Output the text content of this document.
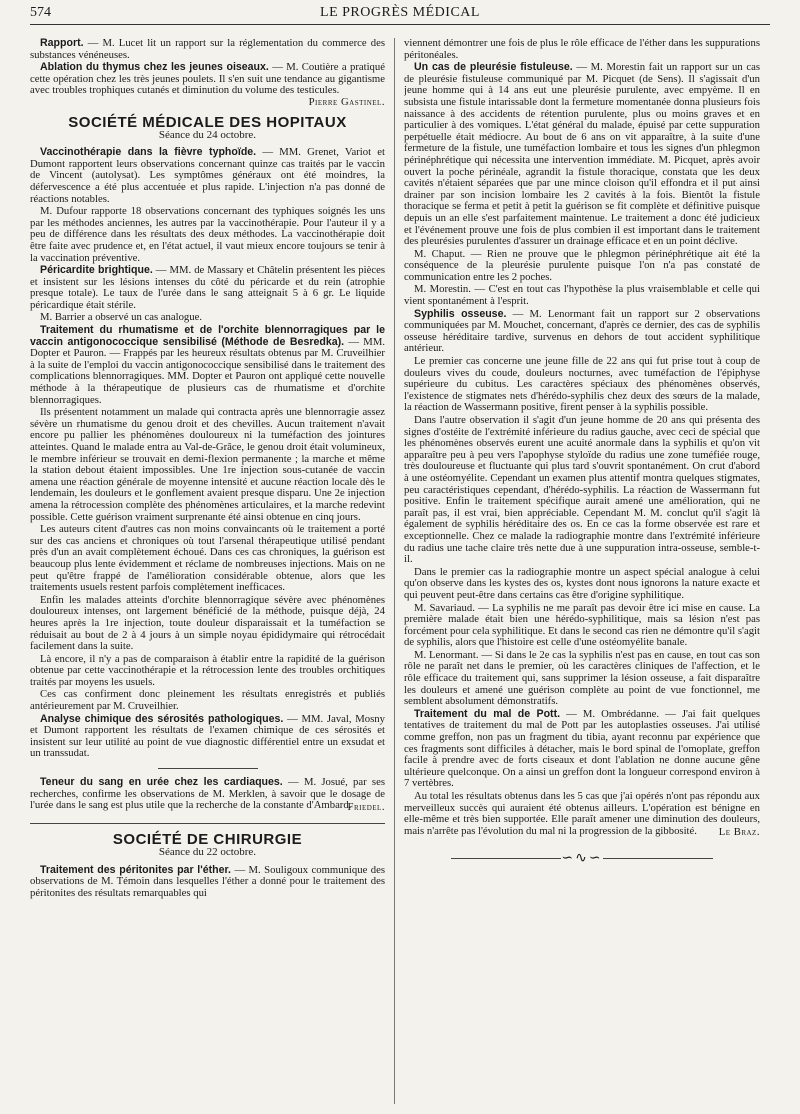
574	LE PROGRÈS MÉDICAL

Rapport. — M. Lucet lit un rapport sur la réglementation du commerce des substances vénéneuses.

Ablation du thymus chez les jeunes oiseaux. — M. Coutière a pratiqué cette opération chez les très jeunes poulets. Il s'en suit une tendance au gigantisme avec troubles trophiques cutanés et diminution du volume des testicules.
Pierre Gastinel.

SOCIÉTÉ MÉDICALE DES HOPITAUX
Séance du 24 octobre.

Vaccinothérapie dans la fièvre typhoïde. — MM. Grenet, Variot et Dumont rapportent leurs observations concernant quinze cas traités par le vaccin de Vincent (autolysat). Les symptômes généraux ont été moindres, la défervescence a été plus accentuée et plus rapide. L'injection n'a pas donné de réactions notables.

M. Dufour rapporte 18 observations concernant des typhiques soignés les uns par les méthodes anciennes, les autres par la vaccinothérapie. Pour l'auteur il y a peu de différence dans les résultats des deux méthodes. La vaccinothérapie doit être faite avec prudence et, en l'état actuel, il vaut mieux encore toujours se tenir à la vaccination préventive.

Péricardite brightique. — MM. de Massary et Châtelin présentent les pièces et insistent sur les lésions intenses du côté du péricarde et du rein (atrophie presque totale). Le taux de l'urée dans le sang atteignait 5 à 6 gr. Le liquide péricardique était stérile.

M. Barrier a observé un cas analogue.

Traitement du rhumatisme et de l'orchite blennorragiques par le vaccin antigonococcique sensibilisé (Méthode de Besredka). — MM. Dopter et Pauron. — Frappés par les heureux résultats obtenus par M. Cruveilhier à la suite de l'emploi du vaccin antigonococcique sensibilisé dans le traitement des complications blennorragiques. MM. Dopter et Pauron ont appliqué cette nouvelle méthode à la thérapeutique de plusieurs cas de rhumatisme et d'orchite blennorragiques.

Ils présentent notamment un malade qui contracta après une blennorragie assez sévère un rhumatisme du genou droit et des chevilles. Aucun traitement n'avait encore pu pallier les phénomènes douloureux ni la tuméfaction des jointures atteintes. Quand le malade entra au Val-de-Grâce, le genou droit était volumineux, le membre inférieur se trouvait en demi-flexion permanente ; la marche et même la station debout étaient impossibles. Une 1re injection sous-cutanée de vaccin amena une réaction générale de moyenne intensité et aucune réaction locale dès le lendemain, les douleurs et le gonflement avaient presque disparu. Une 2e injection amena la rétrocession complète des phénomènes articulaires, et la marche redevint possible. Cette guérison vraiment surprenante été ainsi obtenue en cinq jours.

Les auteurs citent d'autres cas non moins convaincants où le traitement a porté sur des cas anciens et chroniques où tout l'arsenal thérapeutique utilisé pendant près d'un an avait complètement échoué. Dans ces cas chroniques, la guérison est beaucoup plus lente évidemment et réclame de nombreuses injections. Mais on ne peut qu'être frappé de l'amélioration considérable obtenue, alors que les traitements usuels restent parfois complètement inefficaces.

Enfin les malades atteints d'orchite blennorragique sévère avec phénomènes douloureux intenses, ont largement bénéficié de la méthode, puisque déjà, 24 heures après la 1re injection, toute douleur disparaissait et la tuméfaction se réduisait au bout de 2 à 4 jours à un simple noyau épididymaire qui rétrocédait facilement dans la suite.

Là encore, il n'y a pas de comparaison à établir entre la rapidité de la guérison obtenue par cette vaccinothérapie et la rétrocession lente des troubles orchitiques traités par moyens les usuels.

Ces cas confirment donc pleinement les résultats enregistrés et publiés antérieurement par M. Cruveilhier.

Analyse chimique des sérosités pathologiques. — MM. Javal, Mosny et Dumont rapportent les résultats de l'examen chimique de ces sérosités et insistent sur leur utilité au point de vue diagnostic différentiel entre un exsudat et un transsudat.

Teneur du sang en urée chez les cardiaques. — M. Josué, par ses recherches, confirme les observations de M. Merklen, à savoir que le dosage de l'urée dans le sang est plus utile que la recherche de la constante d'Ambard.

Friedel.
SOCIÉTÉ DE CHIRURGIE
Séance du 22 octobre.

Traitement des péritonites par l'éther. — M. Souligoux communique des observations de M. Témoin dans lesquelles l'éther a donné pour le traitement des péritonites des résultats remarquables qui

viennent démontrer une fois de plus le rôle efficace de l'éther dans les suppurations péritonéales.

Un cas de pleurésie fistuleuse. — M. Morestin fait un rapport sur un cas de pleurésie fistuleuse communiqué par M. Picquet (de Sens). Il s'agissait d'un jeune homme qui à 14 ans eut une pleurésie purulente, avec empyème. Il en subsista une fistule intarissable dont la fermeture momentanée donna plusieurs fois naissance à des accidents de rétention purulente, plus ou moins graves et en particulier à des vomiques. L'état général du malade, épuisé par cette suppuration perpétuelle était médiocre. Au bout de 6 ans on vit apparaître, à la suite d'une fermeture de la fistule, une tuméfaction lombaire et tous les signes d'un phlegmon périnéphrétique qui nécessita une intervention immédiate. M. Picquet, après avoir ouvert la poche périnéale, agrandit la fistule thoracique, constata que les deux cavités n'étaient séparées que par une mince cloison qu'il effondra et il put ainsi drainer par son incision lombaire les 2 cavités à la fois. Bientôt la fistule thoracique se ferma et petit à petit la guérison se fit complète et définitive puisque depuis un an elle s'est parfaitement maintenue. Le traitement a donc été judicieux et l'événement prouve une fois de plus combien il est important dans le traitement des pleurésies purulentes d'assurer un drainage efficace et en un point déclive.

M. Chaput. — Rien ne prouve que le phlegmon périnéphrétique ait été la conséquence de la pleurésie purulente puisque l'on n'a pas constaté de communication entre les 2 poches.

M. Morestin. — C'est en tout cas l'hypothèse la plus vraisemblable et celle qui vient spontanément à l'esprit.

Syphilis osseuse. — M. Lenormant fait un rapport sur 2 observations communiquées par M. Mouchet, concernant, d'après ce dernier, des cas de syphilis osseuse héréditaire tardive, survenus en dehors de tout accident syphilitique antérieur.

Le premier cas concerne une jeune fille de 22 ans qui fut prise tout à coup de douleurs vives du coude, douleurs nocturnes, avec tuméfaction de l'épiphyse supérieure du cubitus. Les caractères spéciaux des phénomènes observés, l'existence de stigmates nets d'hérédo-syphilis chez deux des sœurs de la malade, la réaction de Wassermann positive, firent penser à la syphilis possible.

Dans l'autre observation il s'agit d'un jeune homme de 20 ans qui présenta des signes d'ostéite de l'extrémité inférieure du radius gauche, avec ceci de spécial que les phénomènes observés eurent une acuité anormale dans la syphilis et qu'on vit apparaître peu à peu vers l'apophyse styloïde du radius une zone tuméfiée rouge, très douloureuse et fluctuante qui plus tard s'ouvrit spontanément. On crut d'abord à une ostéomyélite. Cependant un examen plus attentif montra quelques stigmates, peu caractéristiques cependant, d'hérédo-syphilis. La réaction de Wassermann fut positive. Enfin le traitement spécifique aurait amené une amélioration, qui ne paraît pas, il est vrai, bien appréciable. Cependant M. M. conclut qu'il s'agit là également de syphilis héréditaire des os. En ce cas la forme observée est rare et exceptionnelle. Chez ce malade la radiographie montre dans l'extrémité inférieure du radius une tache claire très nette due à une suppuration intra-osseuse, semble-t-il.

Dans le premier cas la radiographie montre un aspect spécial analogue à celui qu'on observe dans les kystes des os, kystes dont nous ignorons la nature exacte et qui peuvent peut-être dans certains cas être d'origine syphilitique.

M. Savariaud. — La syphilis ne me paraît pas devoir être ici mise en cause. La première malade était bien une hérédo-syphilitique, mais sa lésion n'est pas forcément pour cela syphilitique. Et dans le second cas rien ne démontre qu'il s'agit de syphilis, alors que l'histoire est celle d'une ostéomyélite banale.

M. Lenormant. — Si dans le 2e cas la syphilis n'est pas en cause, en tout cas son rôle ne paraît net dans le premier, où les caractères cliniques de l'affection, et le rôle efficace du traitement qui, sans supprimer la lésion osseuse, a fait disparaître les douleurs et amené une guérison complète au point de vue fonctionnel, me semblent absolument démonstratifs.

Traitement du mal de Pott. — M. Ombrédanne. — J'ai fait quelques tentatives de traitement du mal de Pott par les autoplasties osseuses. J'ai utilisé comme greffon, non pas un fragment du tibia, ayant reconnu par expérience que ces fragments sont difficiles à détacher, mais le bord spinal de l'omoplate, greffon facile à prendre avec de forts ciseaux et dont l'ablation ne donne aucune gêne ultérieure quelconque. On a ainsi un greffon dont la longueur correspond environ à 7 vertèbres.

Au total les résultats obtenus dans les 5 cas que j'ai opérés n'ont pas répondu aux merveilleux succès qui auraient été obtenus ailleurs. L'opération est bénigne en elle-même et très bien supportée. Elle paraît amener une diminution des douleurs, mais n'arrête pas l'évolution du mal ni la progression de la gibbosité.	Le Braz.
∽∿∽
